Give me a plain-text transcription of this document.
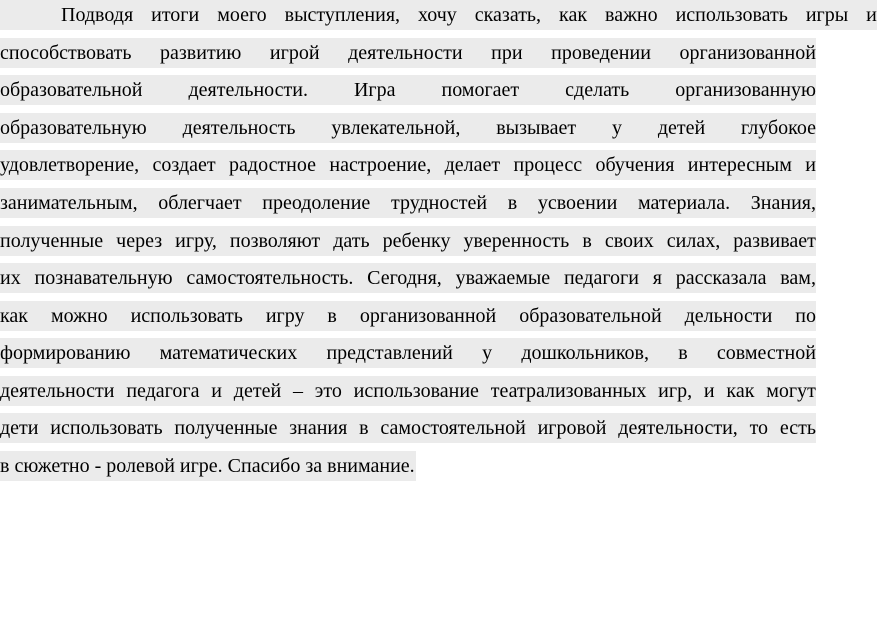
Подводя итоги моего выступления, хочу сказать, как важно использовать игры и
способствовать развитию игрой деятельности при проведении организованной
образовательной деятельности. Игра помогает сделать организованную
образовательную деятельность увлекательной, вызывает у детей глубокое
удовлетворение, создает радостное настроение, делает процесс обучения интересным и
занимательным, облегчает преодоление трудностей в усвоении материала. Знания,
полученные через игру, позволяют дать ребенку уверенность в своих силах, развивает
их познавательную самостоятельность. Сегодня, уважаемые педагоги я рассказала вам,
как можно использовать игру в организованной образовательной дельности по
формированию математических представлений у дошкольников, в совместной
деятельности педагога и детей – это использование театрализованных игр, и как могут
дети использовать полученные знания в самостоятельной игровой деятельности, то есть
в сюжетно - ролевой игре. Спасибо за внимание.
